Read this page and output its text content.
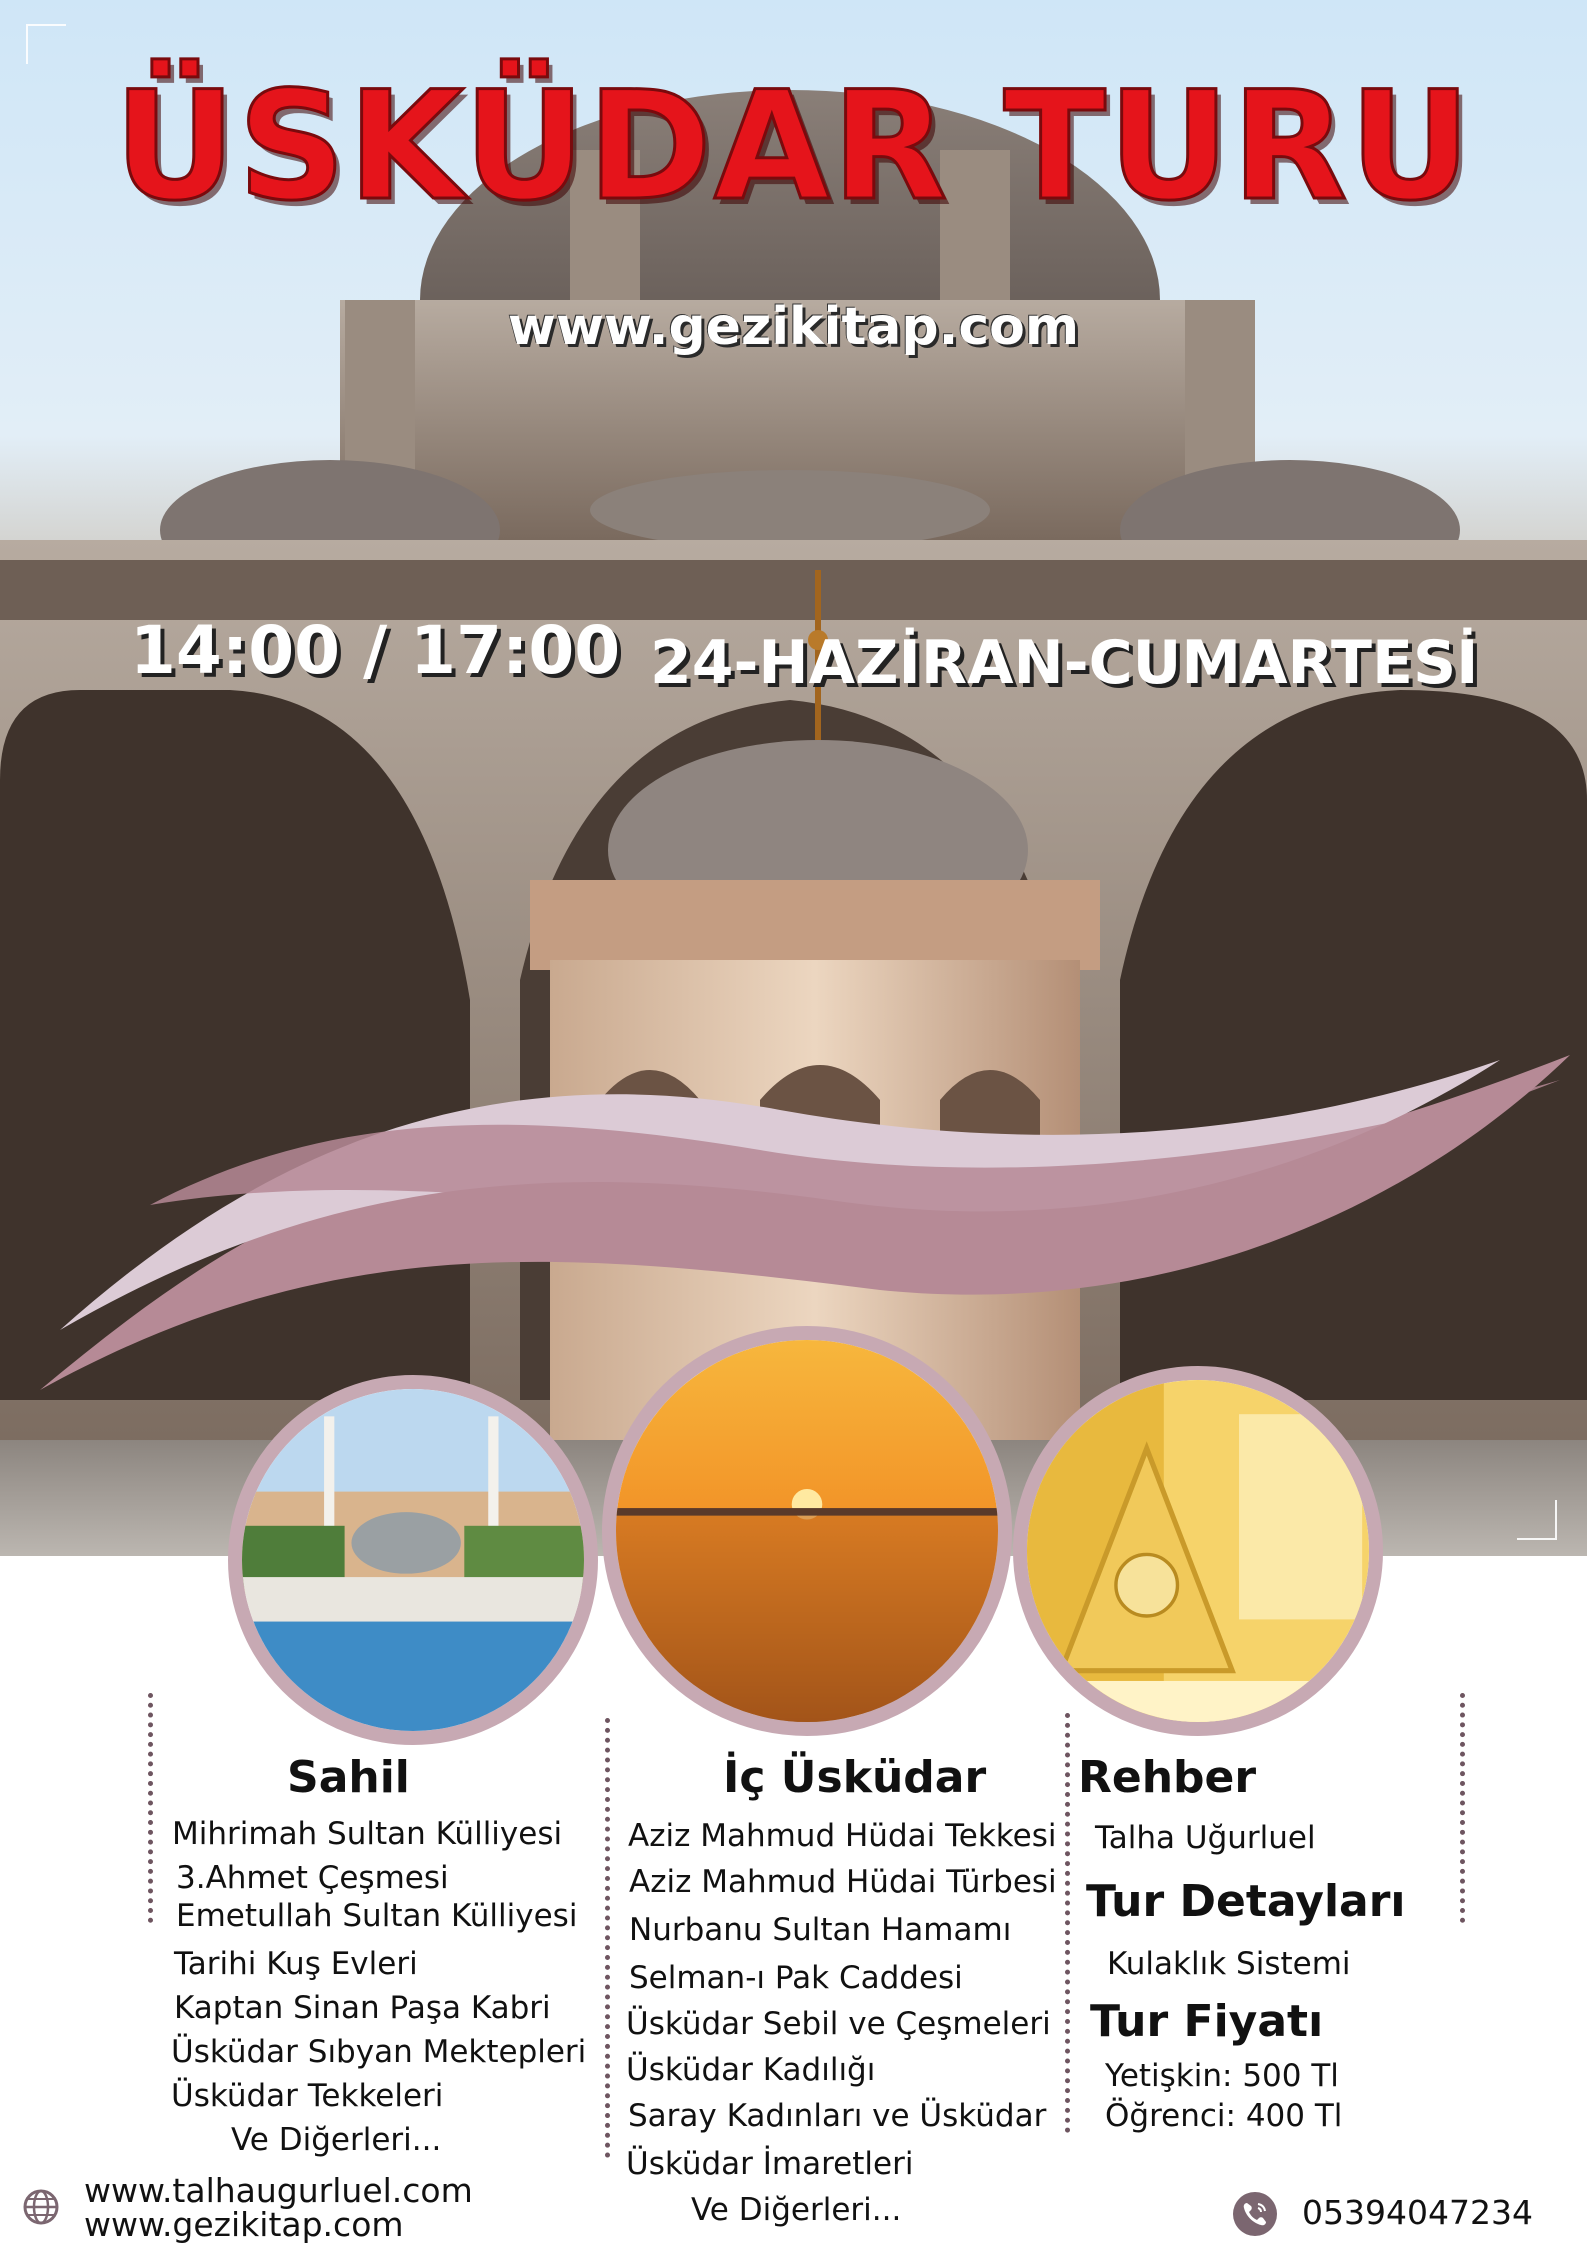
ÜSKÜDAR TURU
www.gezikitap.com
14:00 / 17:00 24-HAZİRAN-CUMARTESİ
Sahil
Mihrimah Sultan Külliyesi
3.Ahmet Çeşmesi
Emetullah Sultan Külliyesi
Tarihi Kuş Evleri
Kaptan Sinan Paşa Kabri
Üsküdar Sıbyan Mektepleri
Üsküdar Tekkeleri
Ve Diğerleri...
İç Üsküdar
Aziz Mahmud Hüdai Tekkesi
Aziz Mahmud Hüdai Türbesi
Nurbanu Sultan Hamamı
Selman-ı Pak Caddesi
Üsküdar Sebil ve Çeşmeleri
Üsküdar Kadılığı
Saray Kadınları ve Üsküdar
Üsküdar İmaretleri
Ve Diğerleri...
Rehber
Talha Uğurluel
Tur Detayları
Kulaklık Sistemi
Tur Fiyatı
Yetişkin: 500 Tl
Öğrenci: 400 Tl
www.talhaugurluel.com
www.gezikitap.com	05394047234
